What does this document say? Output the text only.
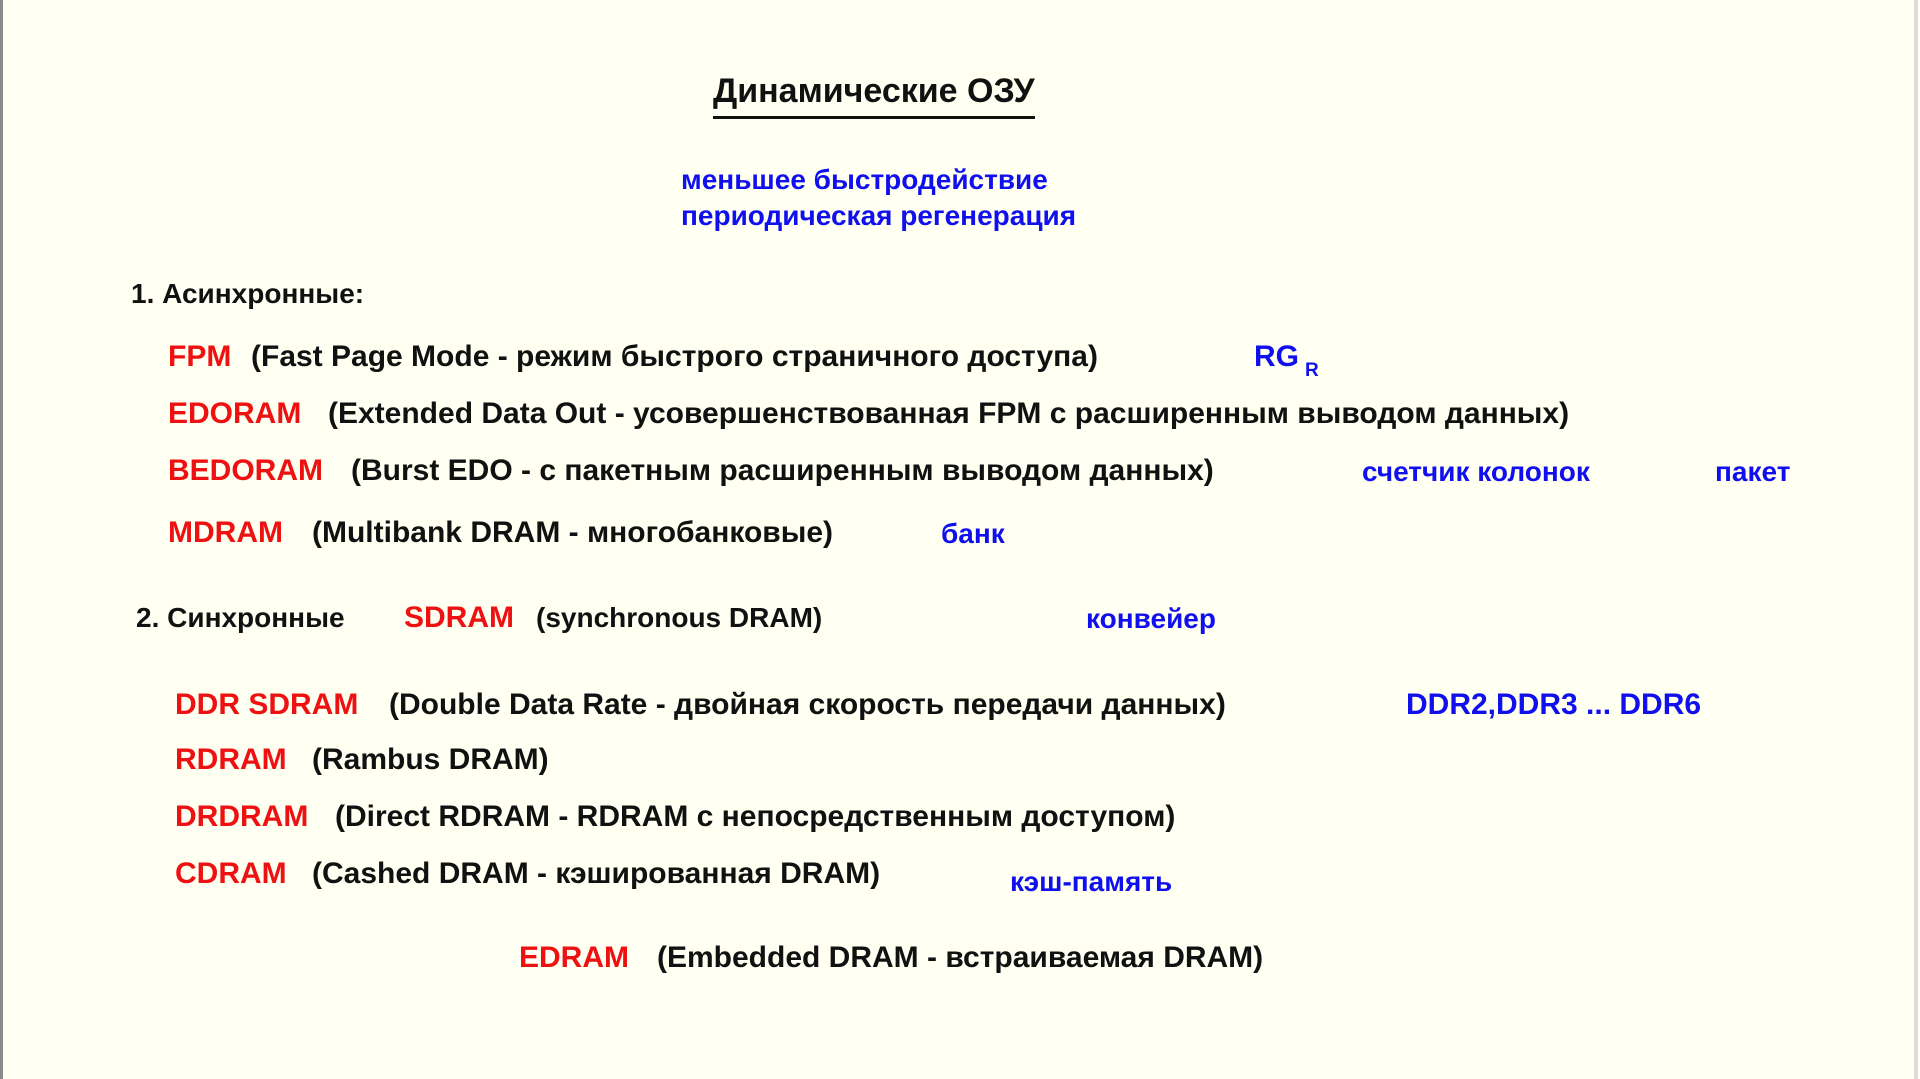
Динамические ОЗУ
меньшее быстродействие
периодическая регенерация
1. Асинхронные:
FPM (Fast Page Mode - режим быстрого страничного доступа)	RG $_R$
EDORAM (Extended Data Out - усовершенствованная FPM с расширенным выводом данных)
BEDORAM (Burst EDO - с пакетным расширенным выводом данных)	счетчик колонок	пакет
MDRAM (Multibank DRAM - многобанковые)	банк
2. Синхронные SDRAM (synchronous DRAM)	конвейер
DDR SDRAM (Double Data Rate - двойная скорость передачи данных)	DDR2,DDR3 ... DDR6
RDRAM (Rambus DRAM)
DRDRAM (Direct RDRAM - RDRAM с непосредственным доступом)
CDRAM (Cashed DRAM - кэшированная DRAM)	кэш-память
EDRAM (Embedded DRAM - встраиваемая DRAM)
